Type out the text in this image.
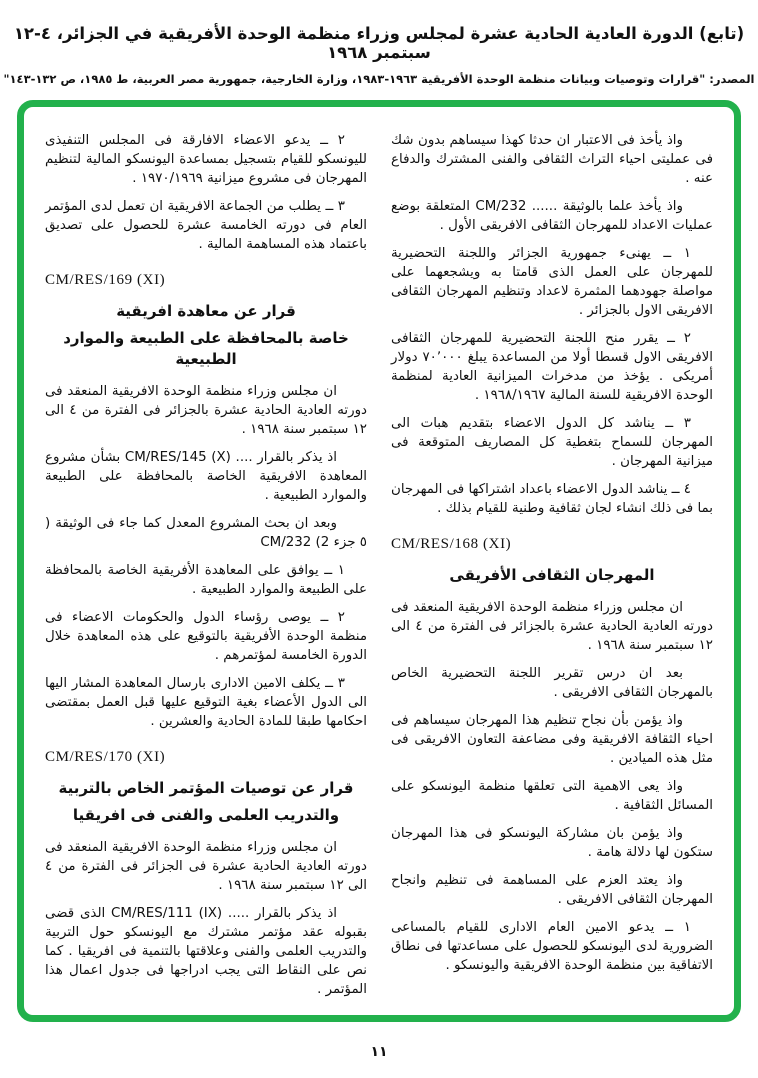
(تابع) الدورة العادية الحادية عشرة لمجلس وزراء منظمة الوحدة الأفريقية في الجزائر، ٤-١٢ سبتمبر ١٩٦٨
المصدر: "قرارات وتوصيات وبيانات منظمة الوحدة الأفريقية ١٩٦٣-١٩٨٣، وزارة الخارجية، جمهورية مصر العربية، ط ١٩٨٥، ص ١٣٢-١٤٣"

واذ يأخذ فى الاعتبار ان حدثا كهذا سيساهم بدون شك فى عمليتى احياء التراث الثقافى والفنى المشترك والدفاع عنه .

واذ يأخذ علما بالوثيقة ...... CM/232 المتعلقة بوضع عمليات الاعداد للمهرجان الثقافى الافريقى الأول .

١ ــ يهنىء جمهورية الجزائر واللجنة التحضيرية للمهرجان على العمل الذى قامتا به ويشجعهما على مواصلة جهودهما المثمرة لاعداد وتنظيم المهرجان الثقافى الافريقى الاول بالجزائر .

٢ ــ يقرر منح اللجنة التحضيرية للمهرجان الثقافى الافريقى الاول قسطا أولا من المساعدة يبلغ ٧٠٬٠٠٠ دولار أمريكى . يؤخذ من مدخرات الميزانية العادية لمنظمة الوحدة الافريقية للسنة المالية ١٩٦٨/١٩٦٧ .

٣ ــ يناشد كل الدول الاعضاء بتقديم هبات الى المهرجان للسماح بتغطية كل المصاريف المتوقعة فى ميزانية المهرجان .

٤ ــ يناشد الدول الاعضاء باعداد اشتراكها فى المهرجان بما فى ذلك انشاء لجان ثقافية وطنية للقيام بذلك .

CM/RES/168 (XI)

المهرجان الثقافى الأفريقى

ان مجلس وزراء منظمة الوحدة الافريقية المنعقد فى دورته العادية الحادية عشرة بالجزائر فى الفترة من ٤ الى ١٢ سبتمبر سنة ١٩٦٨ .

بعد ان درس تقرير اللجنة التحضيرية الخاص بالمهرجان الثقافى الافريقى .

واذ يؤمن بأن نجاح تنظيم هذا المهرجان سيساهم فى احياء الثقافة الافريقية وفى مضاعفة التعاون الافريقى فى مثل هذه الميادين .

واذ يعى الاهمية التى تعلقها منظمة اليونسكو على المسائل الثقافية .

واذ يؤمن بان مشاركة اليونسكو فى هذا المهرجان ستكون لها دلالة هامة .

واذ يعتد العزم على المساهمة فى تنظيم وانجاح المهرجان الثقافى الافريقى .

١ ــ يدعو الامين العام الادارى للقيام بالمساعى الضرورية لدى اليونسكو للحصول على مساعدتها فى نطاق الاتفاقية بين منظمة الوحدة الافريقية واليونسكو .

٢ ــ يدعو الاعضاء الافارقة فى المجلس التنفيذى لليونسكو للقيام بتسجيل بمساعدة اليونسكو المالية لتنظيم المهرجان فى مشروع ميزانية ١٩٧٠/١٩٦٩ .

٣ ــ يطلب من الجماعة الافريقية ان تعمل لدى المؤتمر العام فى دورته الخامسة عشرة للحصول على تصديق باعتماد هذه المساهمة المالية .

CM/RES/169 (XI)

قرار عن معاهدة افريقية

خاصة بالمحافظة على الطبيعة والموارد الطبيعية

ان مجلس وزراء منظمة الوحدة الافريقية المنعقد فى دورته العادية الحادية عشرة بالجزائر فى الفترة من ٤ الى ١٢ سبتمبر سنة ١٩٦٨ .

اذ يذكر بالقرار .... CM/RES/145 (X) بشأن مشروع المعاهدة الافريقية الخاصة بالمحافظة على الطبيعة والموارد الطبيعية .

وبعد ان بحث المشروع المعدل كما جاء فى الوثيقة ( ٥ جزء CM/232 (2

١ ــ يوافق على المعاهدة الأفريقية الخاصة بالمحافظة على الطبيعة والموارد الطبيعية .

٢ ــ يوصى رؤساء الدول والحكومات الاعضاء فى منظمة الوحدة الأفريقية بالتوقيع على هذه المعاهدة خلال الدورة الخامسة لمؤتمرهم .

٣ ــ يكلف الامين الادارى بارسال المعاهدة المشار اليها الى الدول الأعضاء بغية التوقيع عليها قبل العمل بمقتضى احكامها طبقا للمادة الحادية والعشرين .

CM/RES/170 (XI)

قرار عن توصيات المؤتمر الخاص بالتربية

والتدريب العلمى والفنى فى افريقيا

ان مجلس وزراء منظمة الوحدة الافريقية المنعقد فى دورته العادية الحادية عشرة فى الجزائر فى الفترة من ٤ الى ١٢ سبتمبر سنة ١٩٦٨ .

اذ يذكر بالقرار ..... CM/RES/111 (IX) الذى قضى بقبوله عقد مؤتمر مشترك مع اليونسكو حول التربية والتدريب العلمى والفنى وعلاقتها بالتنمية فى افريقيا . كما نص على النقاط التى يجب ادراجها فى جدول اعمال هذا المؤتمر .

١١
